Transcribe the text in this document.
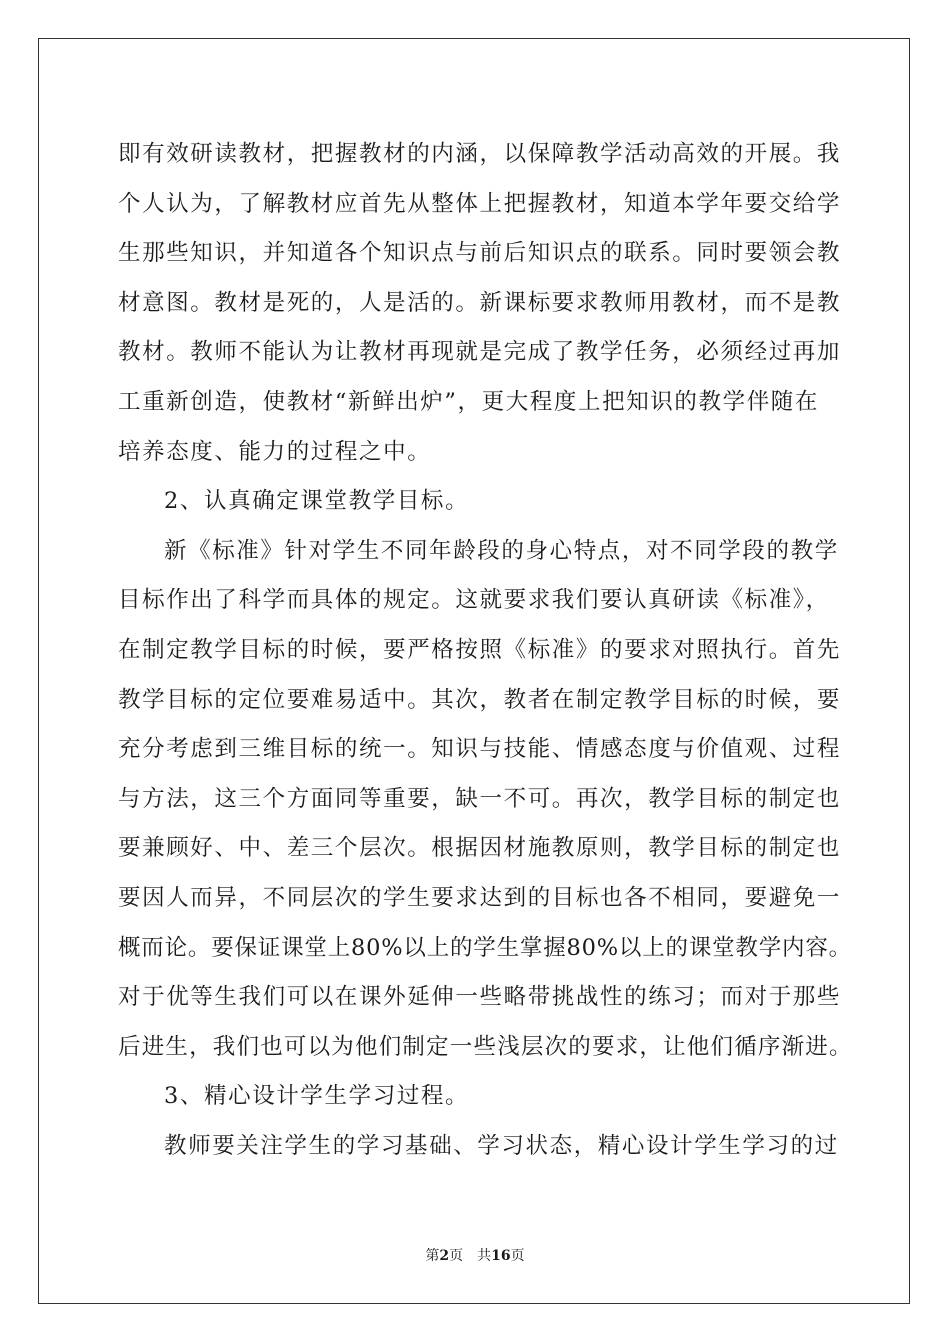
即有效研读教材，把握教材的内涵，以保障教学活动高效的开展。我

个人认为，了解教材应首先从整体上把握教材，知道本学年要交给学

生那些知识，并知道各个知识点与前后知识点的联系。同时要领会教

材意图。教材是死的，人是活的。新课标要求教师用教材，而不是教

教材。教师不能认为让教材再现就是完成了教学任务，必须经过再加

工重新创造，使教材“新鲜出炉”，更大程度上把知识的教学伴随在

培养态度、能力的过程之中。

2、认真确定课堂教学目标。

新《标准》针对学生不同年龄段的身心特点，对不同学段的教学

目标作出了科学而具体的规定。这就要求我们要认真研读《标准》，

在制定教学目标的时候，要严格按照《标准》的要求对照执行。首先

教学目标的定位要难易适中。其次，教者在制定教学目标的时候，要

充分考虑到三维目标的统一。知识与技能、情感态度与价值观、过程

与方法，这三个方面同等重要，缺一不可。再次，教学目标的制定也

要兼顾好、中、差三个层次。根据因材施教原则，教学目标的制定也

要因人而异，不同层次的学生要求达到的目标也各不相同，要避免一

概而论。要保证课堂上80%以上的学生掌握80%以上的课堂教学内容。

对于优等生我们可以在课外延伸一些略带挑战性的练习；而对于那些

后进生，我们也可以为他们制定一些浅层次的要求，让他们循序渐进。

3、精心设计学生学习过程。

教师要关注学生的学习基础、学习状态，精心设计学生学习的过

第2页 共16页
